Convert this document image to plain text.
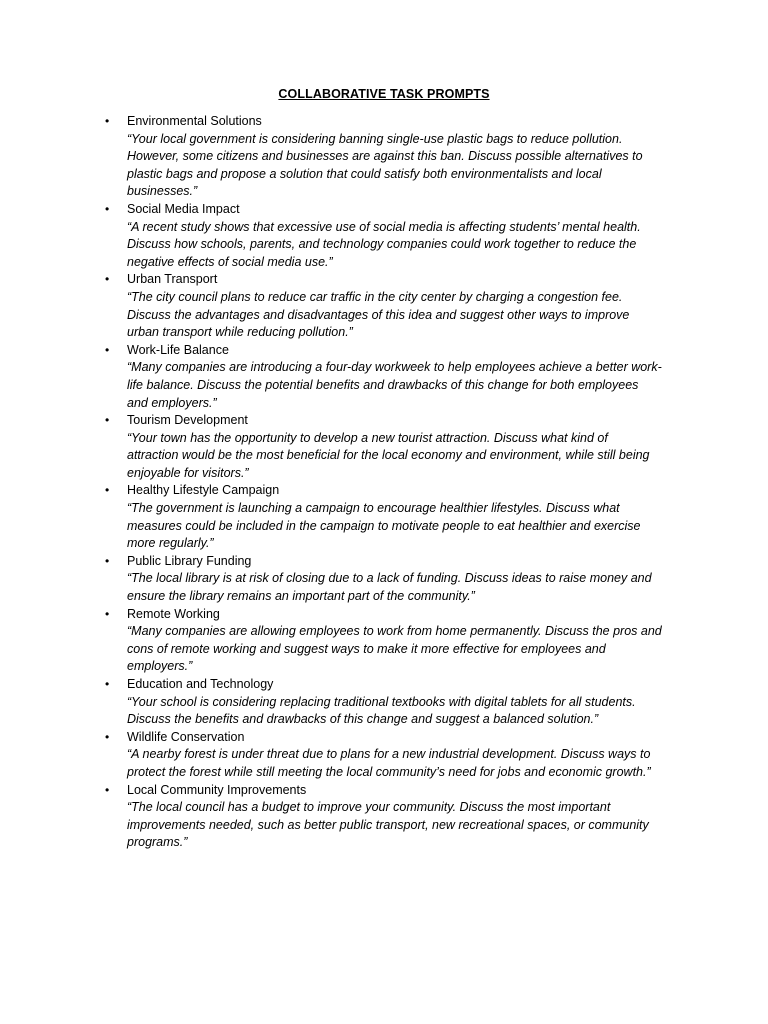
COLLABORATIVE TASK PROMPTS
• Environmental Solutions
“Your local government is considering banning single-use plastic bags to reduce pollution. However, some citizens and businesses are against this ban. Discuss possible alternatives to plastic bags and propose a solution that could satisfy both environmentalists and local businesses.”
• Social Media Impact
“A recent study shows that excessive use of social media is affecting students’ mental health. Discuss how schools, parents, and technology companies could work together to reduce the negative effects of social media use.”
• Urban Transport
“The city council plans to reduce car traffic in the city center by charging a congestion fee. Discuss the advantages and disadvantages of this idea and suggest other ways to improve urban transport while reducing pollution.”
• Work-Life Balance
“Many companies are introducing a four-day workweek to help employees achieve a better work-life balance. Discuss the potential benefits and drawbacks of this change for both employees and employers.”
• Tourism Development
“Your town has the opportunity to develop a new tourist attraction. Discuss what kind of attraction would be the most beneficial for the local economy and environment, while still being enjoyable for visitors.”
• Healthy Lifestyle Campaign
“The government is launching a campaign to encourage healthier lifestyles. Discuss what measures could be included in the campaign to motivate people to eat healthier and exercise more regularly.”
• Public Library Funding
“The local library is at risk of closing due to a lack of funding. Discuss ideas to raise money and ensure the library remains an important part of the community.”
• Remote Working
“Many companies are allowing employees to work from home permanently. Discuss the pros and cons of remote working and suggest ways to make it more effective for employees and employers.”
• Education and Technology
“Your school is considering replacing traditional textbooks with digital tablets for all students. Discuss the benefits and drawbacks of this change and suggest a balanced solution.”
• Wildlife Conservation
“A nearby forest is under threat due to plans for a new industrial development. Discuss ways to protect the forest while still meeting the local community’s need for jobs and economic growth.”
• Local Community Improvements
“The local council has a budget to improve your community. Discuss the most important improvements needed, such as better public transport, new recreational spaces, or community programs.”
